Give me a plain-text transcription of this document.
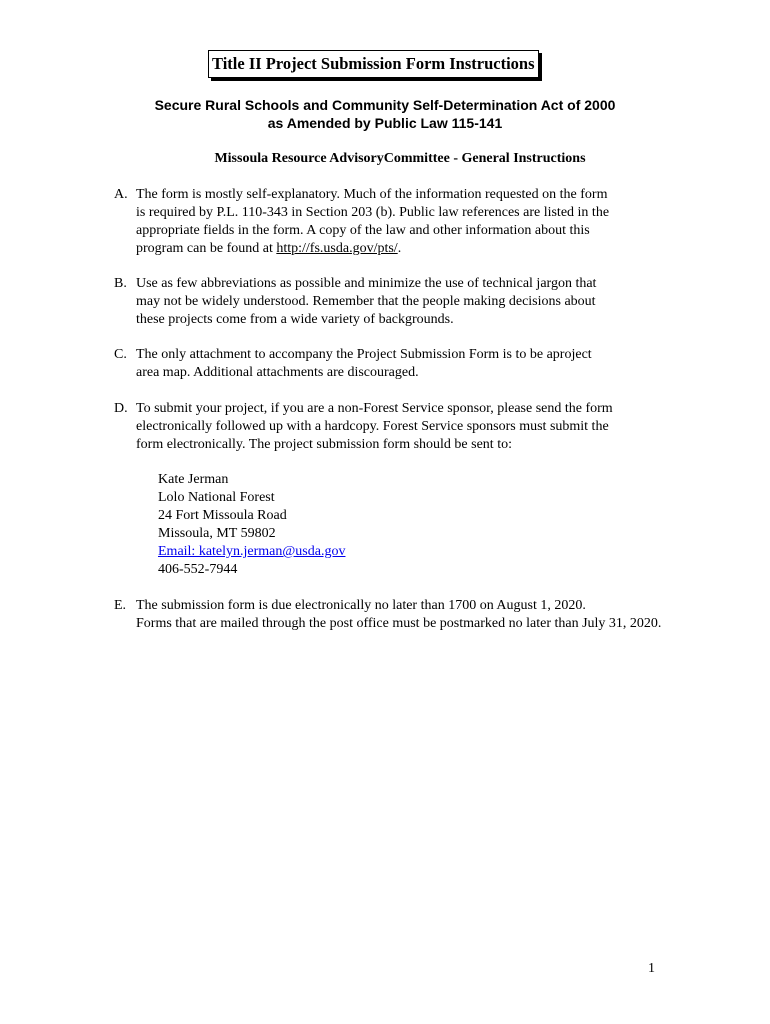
Title II Project Submission Form Instructions
Secure Rural Schools and Community Self-Determination Act of 2000
as Amended by Public Law 115-141
Missoula Resource AdvisoryCommittee - General Instructions
A. The form is mostly self-explanatory. Much of the information requested on the form
is required by P.L. 110-343 in Section 203 (b). Public law references are listed in the
appropriate fields in the form. A copy of the law and other information about this
program can be found at http://fs.usda.gov/pts/.
B. Use as few abbreviations as possible and minimize the use of technical jargon that
may not be widely understood. Remember that the people making decisions about
these projects come from a wide variety of backgrounds.
C. The only attachment to accompany the Project Submission Form is to be aproject
area map. Additional attachments are discouraged.
D. To submit your project, if you are a non-Forest Service sponsor, please send the form
electronically followed up with a hardcopy. Forest Service sponsors must submit the
form electronically. The project submission form should be sent to:
Kate Jerman
Lolo National Forest
24 Fort Missoula Road
Missoula, MT 59802
Email: katelyn.jerman@usda.gov
406-552-7944
E. The submission form is due electronically no later than 1700 on August 1, 2020.
Forms that are mailed through the post office must be postmarked no later than July 31, 2020.
1
